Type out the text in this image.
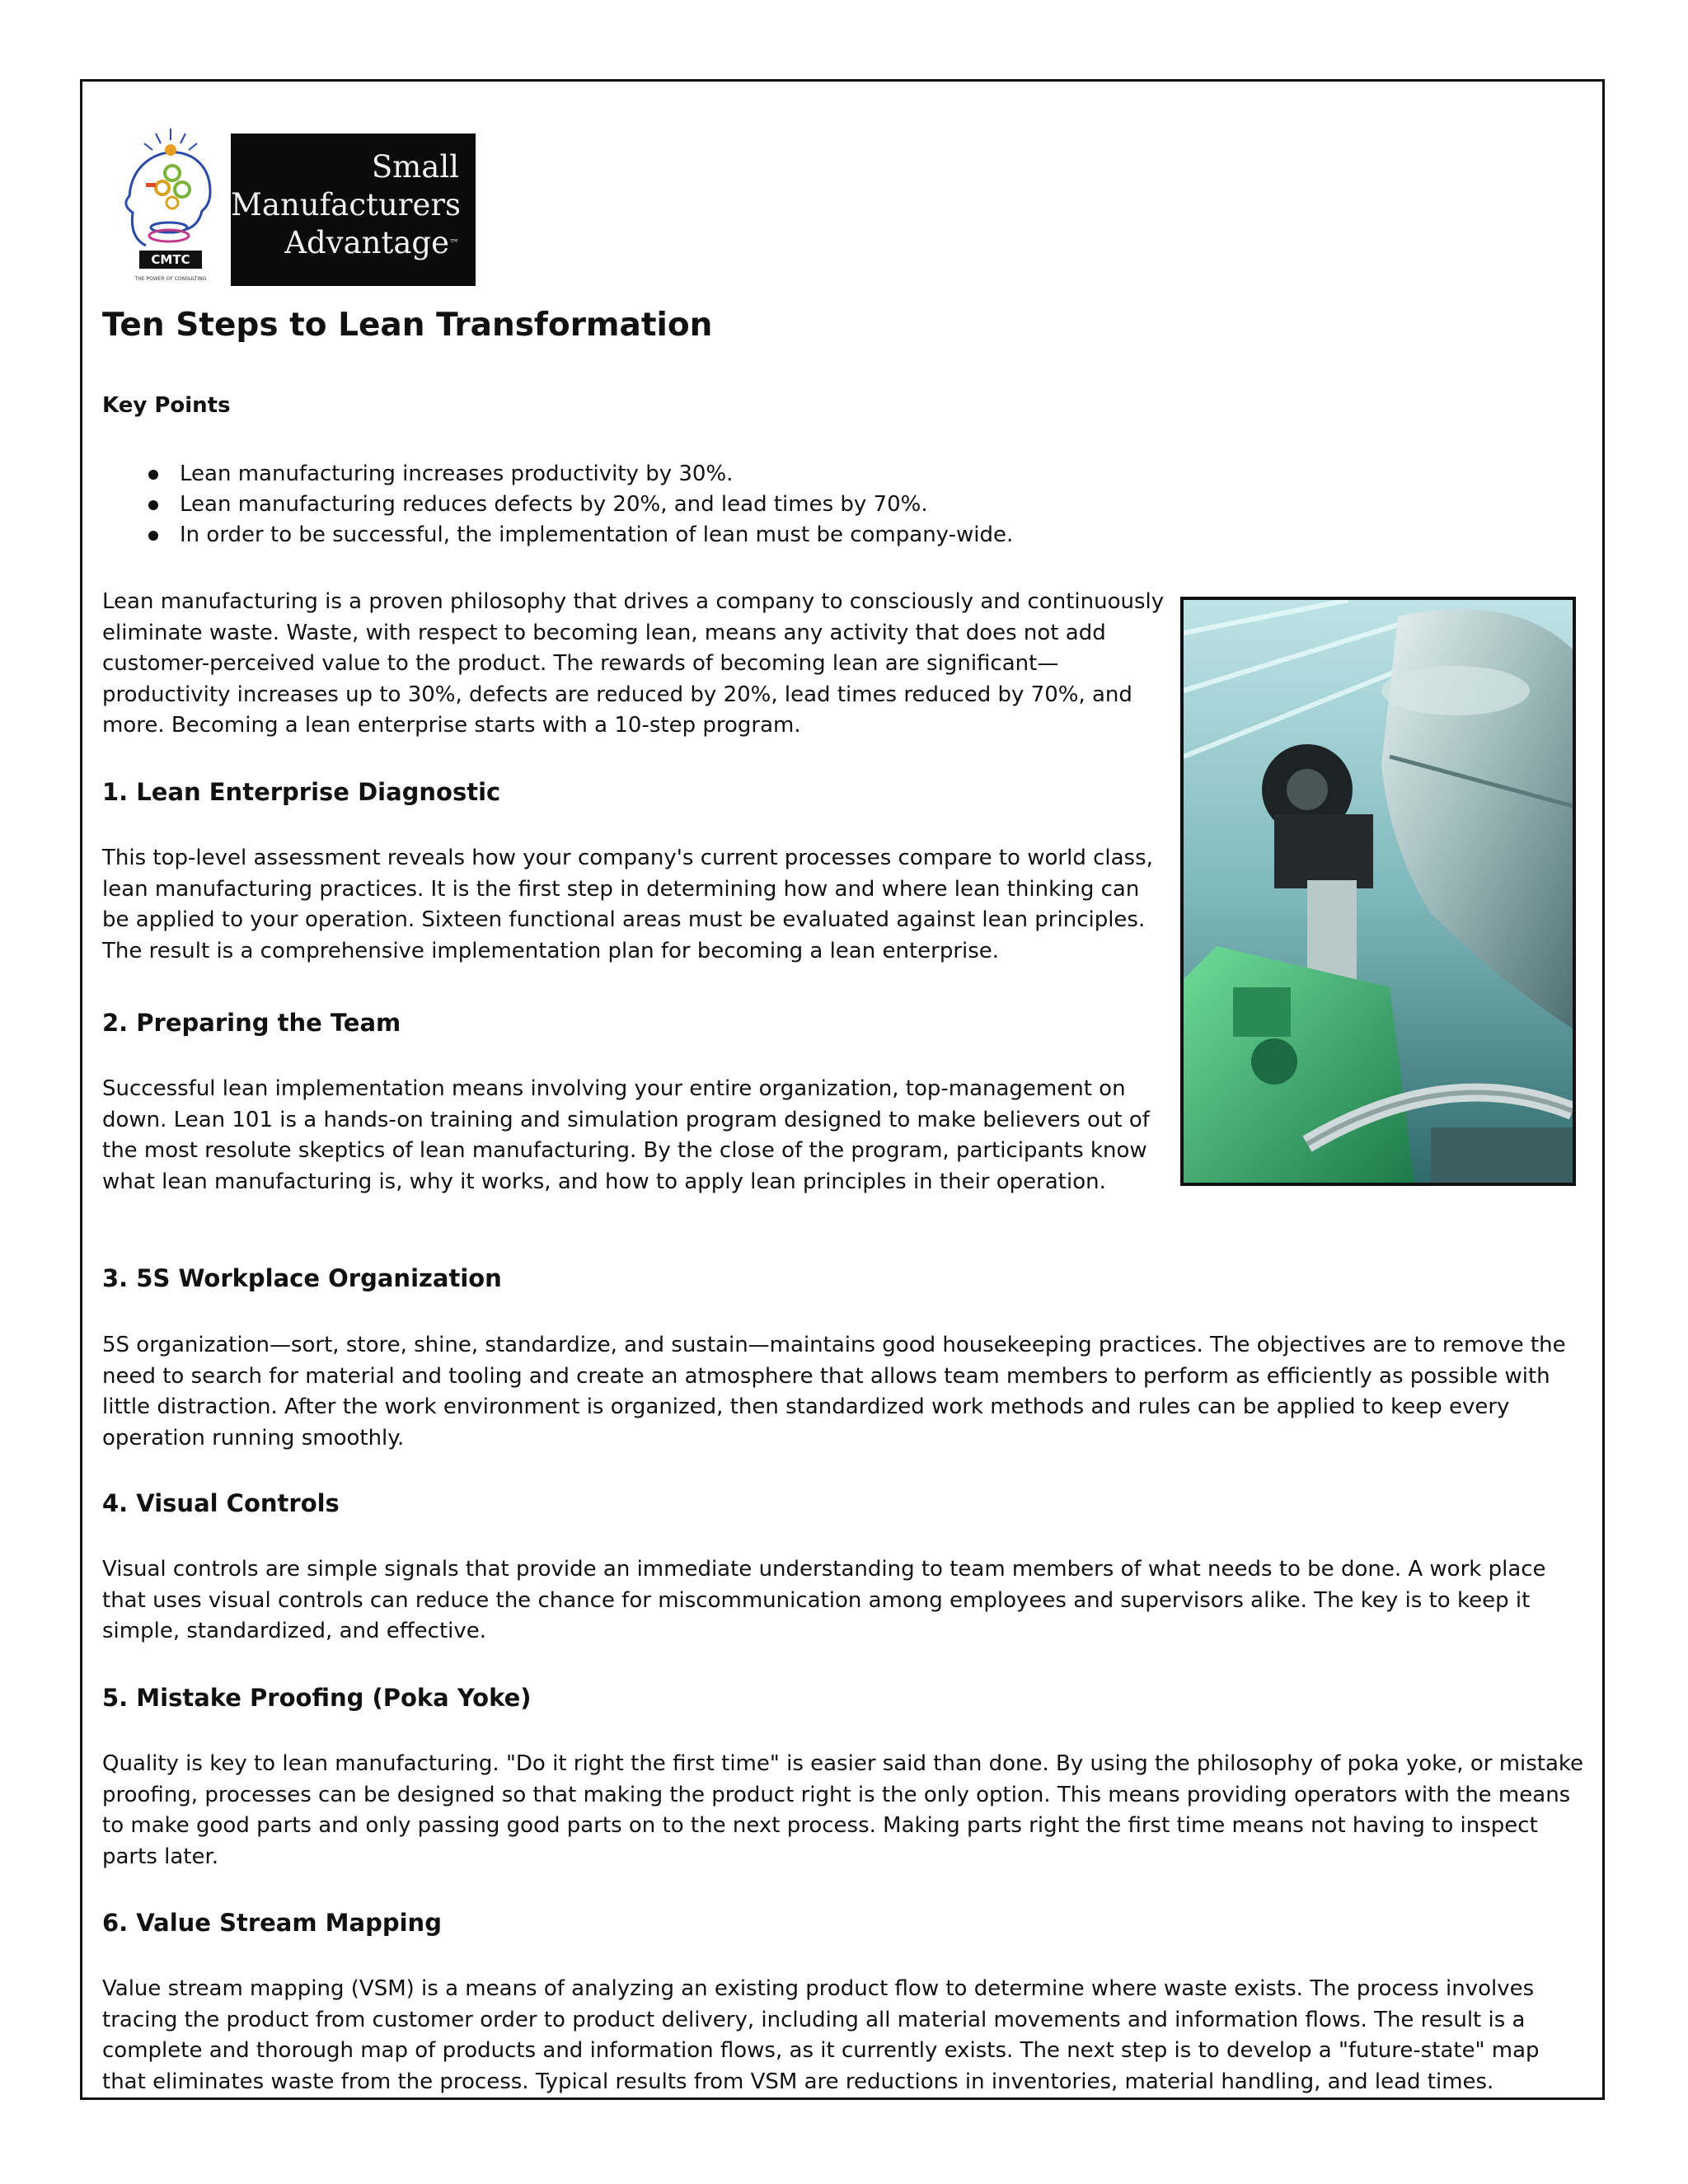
CMTC
THE POWER OF CONSULTING
Small
Manufacturers
Advantage™
Ten Steps to Lean Transformation

Key Points

Lean manufacturing increases productivity by 30%.
Lean manufacturing reduces defects by 20%, and lead times by 70%.
In order to be successful, the implementation of lean must be company-wide.

Lean manufacturing is a proven philosophy that drives a company to consciously and continuously eliminate waste. Waste, with respect to becoming lean, means any activity that does not add customer-perceived value to the product. The rewards of becoming lean are significant—productivity increases up to 30%, defects are reduced by 20%, lead times reduced by 70%, and more. Becoming a lean enterprise starts with a 10-step program.

1. Lean Enterprise Diagnostic

This top-level assessment reveals how your company's current processes compare to world class, lean manufacturing practices. It is the first step in determining how and where lean thinking can be applied to your operation. Sixteen functional areas must be evaluated against lean principles. The result is a comprehensive implementation plan for becoming a lean enterprise.

2. Preparing the Team

Successful lean implementation means involving your entire organization, top-management on down. Lean 101 is a hands-on training and simulation program designed to make believers out of the most resolute skeptics of lean manufacturing. By the close of the program, participants know what lean manufacturing is, why it works, and how to apply lean principles in their operation.

3. 5S Workplace Organization

5S organization—sort, store, shine, standardize, and sustain—maintains good housekeeping practices. The objectives are to remove the need to search for material and tooling and create an atmosphere that allows team members to perform as efficiently as possible with little distraction. After the work environment is organized, then standardized work methods and rules can be applied to keep every operation running smoothly.

4. Visual Controls

Visual controls are simple signals that provide an immediate understanding to team members of what needs to be done. A work place that uses visual controls can reduce the chance for miscommunication among employees and supervisors alike. The key is to keep it simple, standardized, and effective.

5. Mistake Proofing (Poka Yoke)

Quality is key to lean manufacturing. "Do it right the first time" is easier said than done. By using the philosophy of poka yoke, or mistake proofing, processes can be designed so that making the product right is the only option. This means providing operators with the means to make good parts and only passing good parts on to the next process. Making parts right the first time means not having to inspect parts later.

6. Value Stream Mapping

Value stream mapping (VSM) is a means of analyzing an existing product flow to determine where waste exists. The process involves tracing the product from customer order to product delivery, including all material movements and information flows. The result is a complete and thorough map of products and information flows, as it currently exists. The next step is to develop a "future-state" map that eliminates waste from the process. Typical results from VSM are reductions in inventories, material handling, and lead times.
